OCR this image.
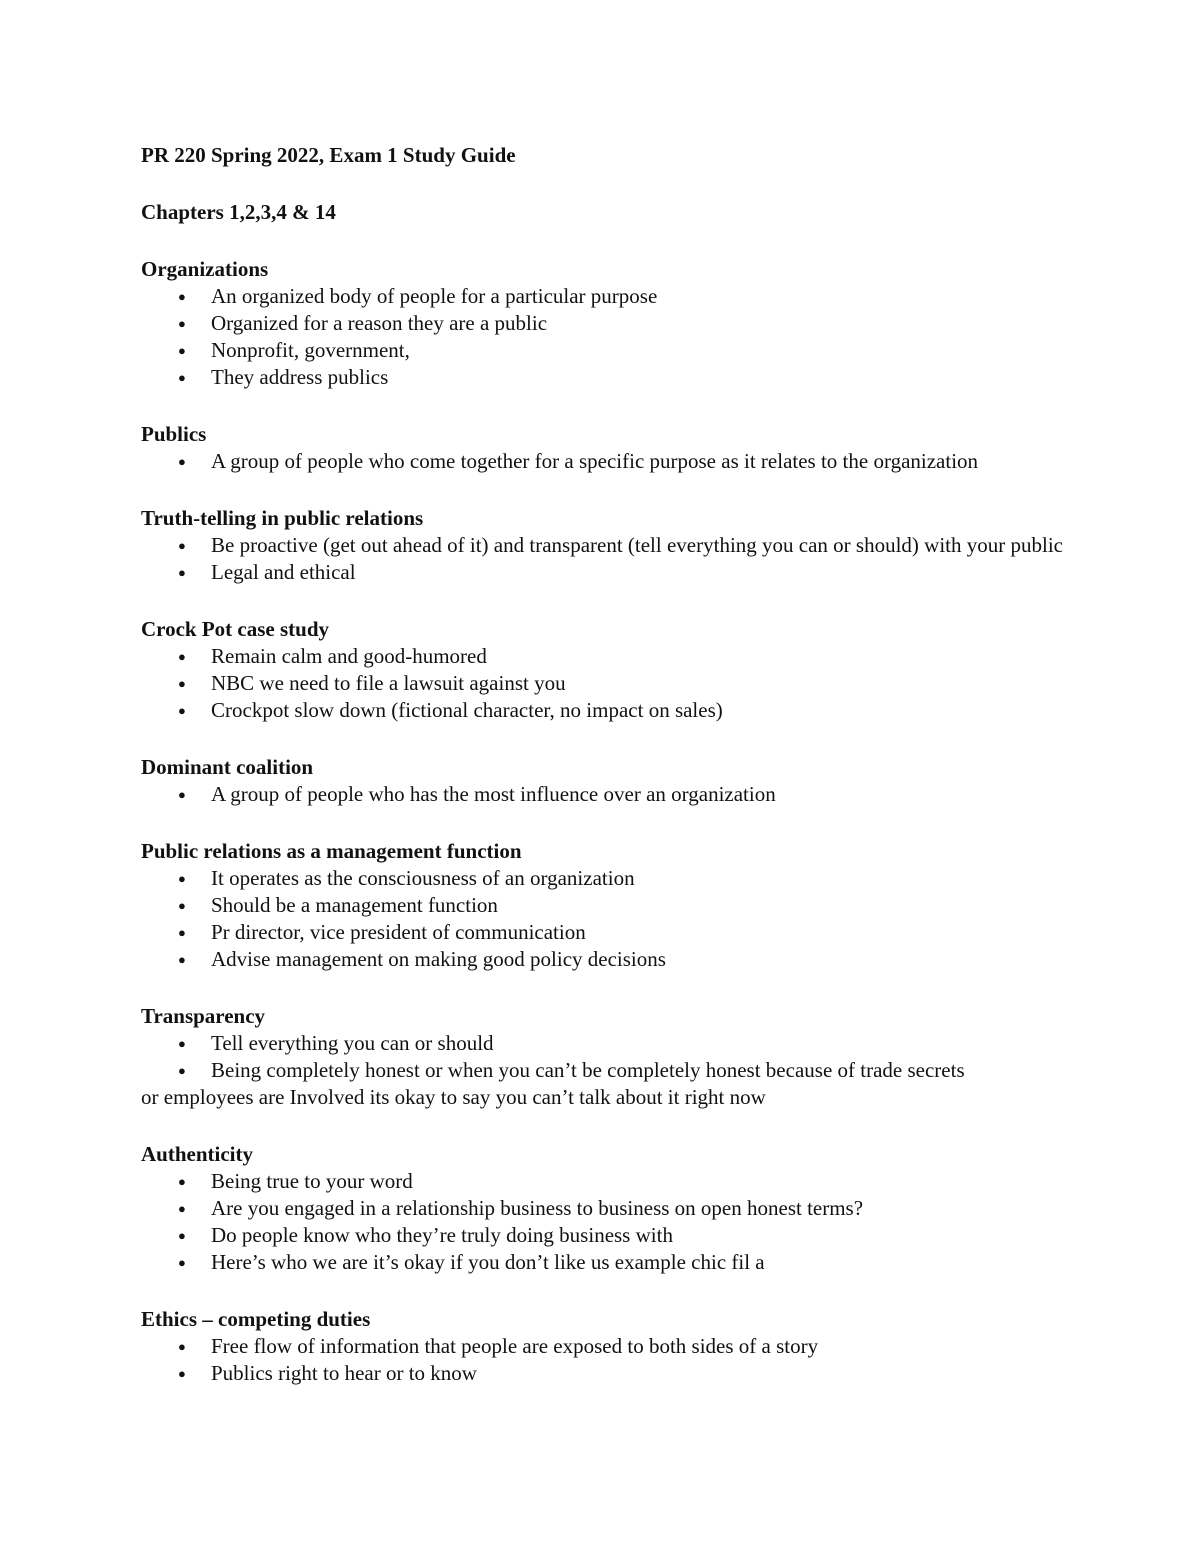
PR 220 Spring 2022, Exam 1 Study Guide

Chapters 1,2,3,4 & 14

Organizations

● An organized body of people for a particular purpose
● Organized for a reason they are a public
● Nonprofit, government,
● They address publics

Publics

● A group of people who come together for a specific purpose as it relates to the organization

Truth-telling in public relations

● Be proactive (get out ahead of it) and transparent (tell everything you can or should) with your public
● Legal and ethical

Crock Pot case study

● Remain calm and good-humored
● NBC we need to file a lawsuit against you
● Crockpot slow down (fictional character, no impact on sales)

Dominant coalition

● A group of people who has the most influence over an organization

Public relations as a management function

● It operates as the consciousness of an organization
● Should be a management function
● Pr director, vice president of communication
● Advise management on making good policy decisions

Transparency

● Tell everything you can or should
● Being completely honest or when you can’t be completely honest because of trade secrets

or employees are Involved its okay to say you can’t talk about it right now

Authenticity

● Being true to your word
● Are you engaged in a relationship business to business on open honest terms?
● Do people know who they’re truly doing business with
● Here’s who we are it’s okay if you don’t like us example chic fil a

Ethics – competing duties

● Free flow of information that people are exposed to both sides of a story
● Publics right to hear or to know
